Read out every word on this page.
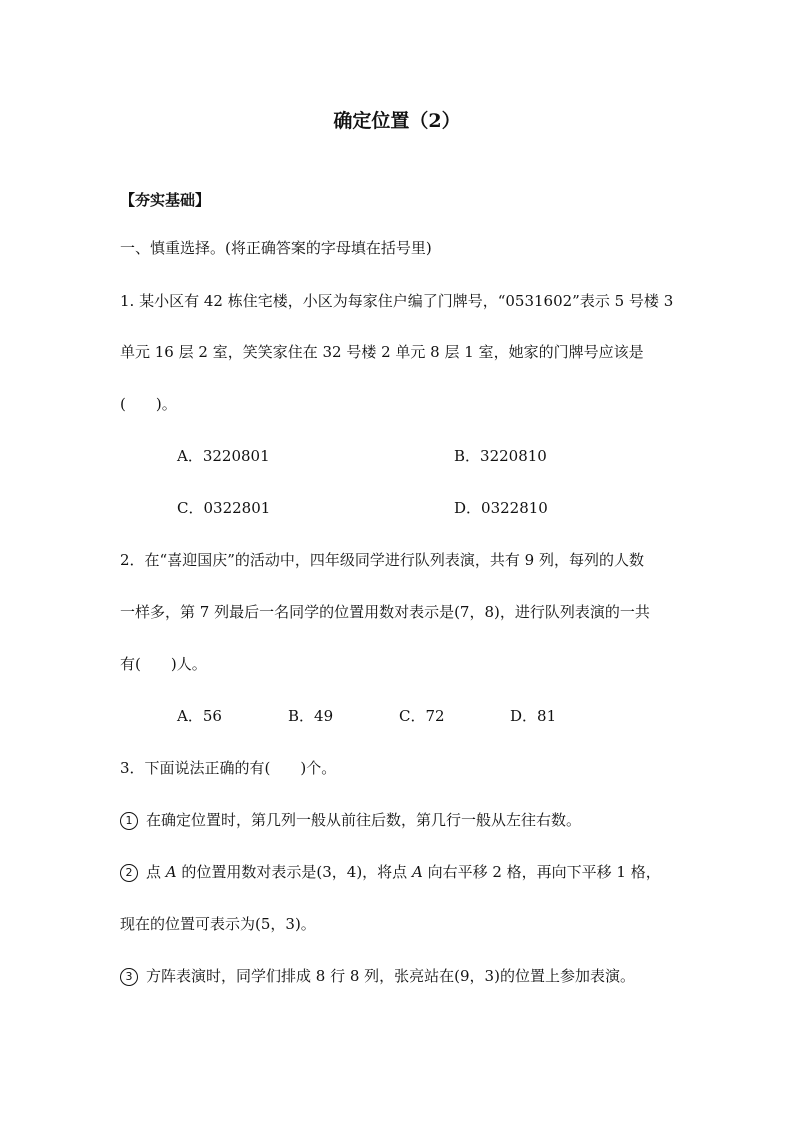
确定位置（2）
【夯实基础】
一、慎重选择。(将正确答案的字母填在括号里)
1. 某小区有 42 栋住宅楼，小区为每家住户编了门牌号，“0531602”表示 5 号楼 3
单元 16 层 2 室，笑笑家住在 32 号楼 2 单元 8 层 1 室，她家的门牌号应该是
(　　)。
A．3220801	B．3220810
C．0322801	D．0322810
2．在“喜迎国庆”的活动中，四年级同学进行队列表演，共有 9 列，每列的人数
一样多，第 7 列最后一名同学的位置用数对表示是(7，8)，进行队列表演的一共
有(　　)人。
A．56	B．49	C．72	D．81
3．下面说法正确的有(　　)个。
1 在确定位置时，第几列一般从前往后数，第几行一般从左往右数。
2 点 A 的位置用数对表示是(3，4)，将点 A 向右平移 2 格，再向下平移 1 格，
现在的位置可表示为(5，3)。
3 方阵表演时，同学们排成 8 行 8 列，张亮站在(9，3)的位置上参加表演。
